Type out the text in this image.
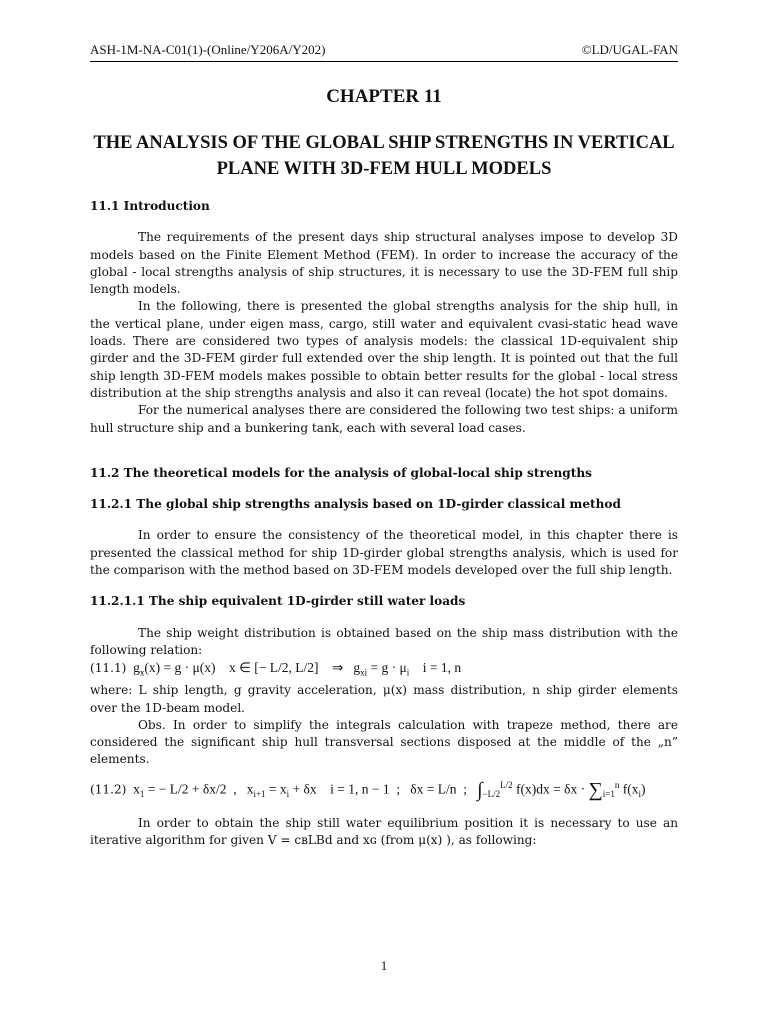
ASH-1M-NA-C01(1)-(Online/Y206A/Y202)	©LD/UGAL-FAN
CHAPTER 11
THE ANALYSIS OF THE GLOBAL SHIP STRENGTHS IN VERTICAL PLANE WITH 3D-FEM HULL MODELS

11.1 Introduction

The requirements of the present days ship structural analyses impose to develop 3D models based on the Finite Element Method (FEM). In order to increase the accuracy of the global - local strengths analysis of ship structures, it is necessary to use the 3D-FEM full ship length models.

In the following, there is presented the global strengths analysis for the ship hull, in the vertical plane, under eigen mass, cargo, still water and equivalent cvasi-static head wave loads. There are considered two types of analysis models: the classical 1D-equivalent ship girder and the 3D-FEM girder full extended over the ship length. It is pointed out that the full ship length 3D-FEM models makes possible to obtain better results for the global - local stress distribution at the ship strengths analysis and also it can reveal (locate) the hot spot domains.

For the numerical analyses there are considered the following two test ships: a uniform hull structure ship and a bunkering tank, each with several load cases.

11.2 The theoretical models for the analysis of global-local ship strengths

11.2.1 The global ship strengths analysis based on 1D-girder classical method

In order to ensure the consistency of the theoretical model, in this chapter there is presented the classical method for ship 1D-girder global strengths analysis, which is used for the comparison with the method based on 3D-FEM models developed over the full ship length.

11.2.1.1 The ship equivalent 1D-girder still water loads

The ship weight distribution is obtained based on the ship mass distribution with the following relation:

(11.1)  $g_x(x) = g \cdot \mu(x)$    x ∈ [− L/2, L/2]    ⇒   $g_{xi} = g \cdot \mu_i$    i = 1, n

where: L ship length, g gravity acceleration, μ(x) mass distribution, n ship girder elements over the 1D-beam model.

Obs. In order to simplify the integrals calculation with trapeze method, there are considered the significant ship hull transversal sections disposed at the middle of the „n” elements.

(11.2)  $x_1$ = − L/2 + δx/2  ,   $x_{i+1} = x_i + \delta x$    i = 1, n − 1  ;   δx = L/n  ;   $\int_{-L/2}^{L/2}$ $f(x)dx = \delta x \cdot \sum_{i=1}^n$ $f(x_i)$

In order to obtain the ship still water equilibrium position it is necessary to use an iterative algorithm for given V = cʙLBd and xɢ (from μ(x) ), as following:

1
